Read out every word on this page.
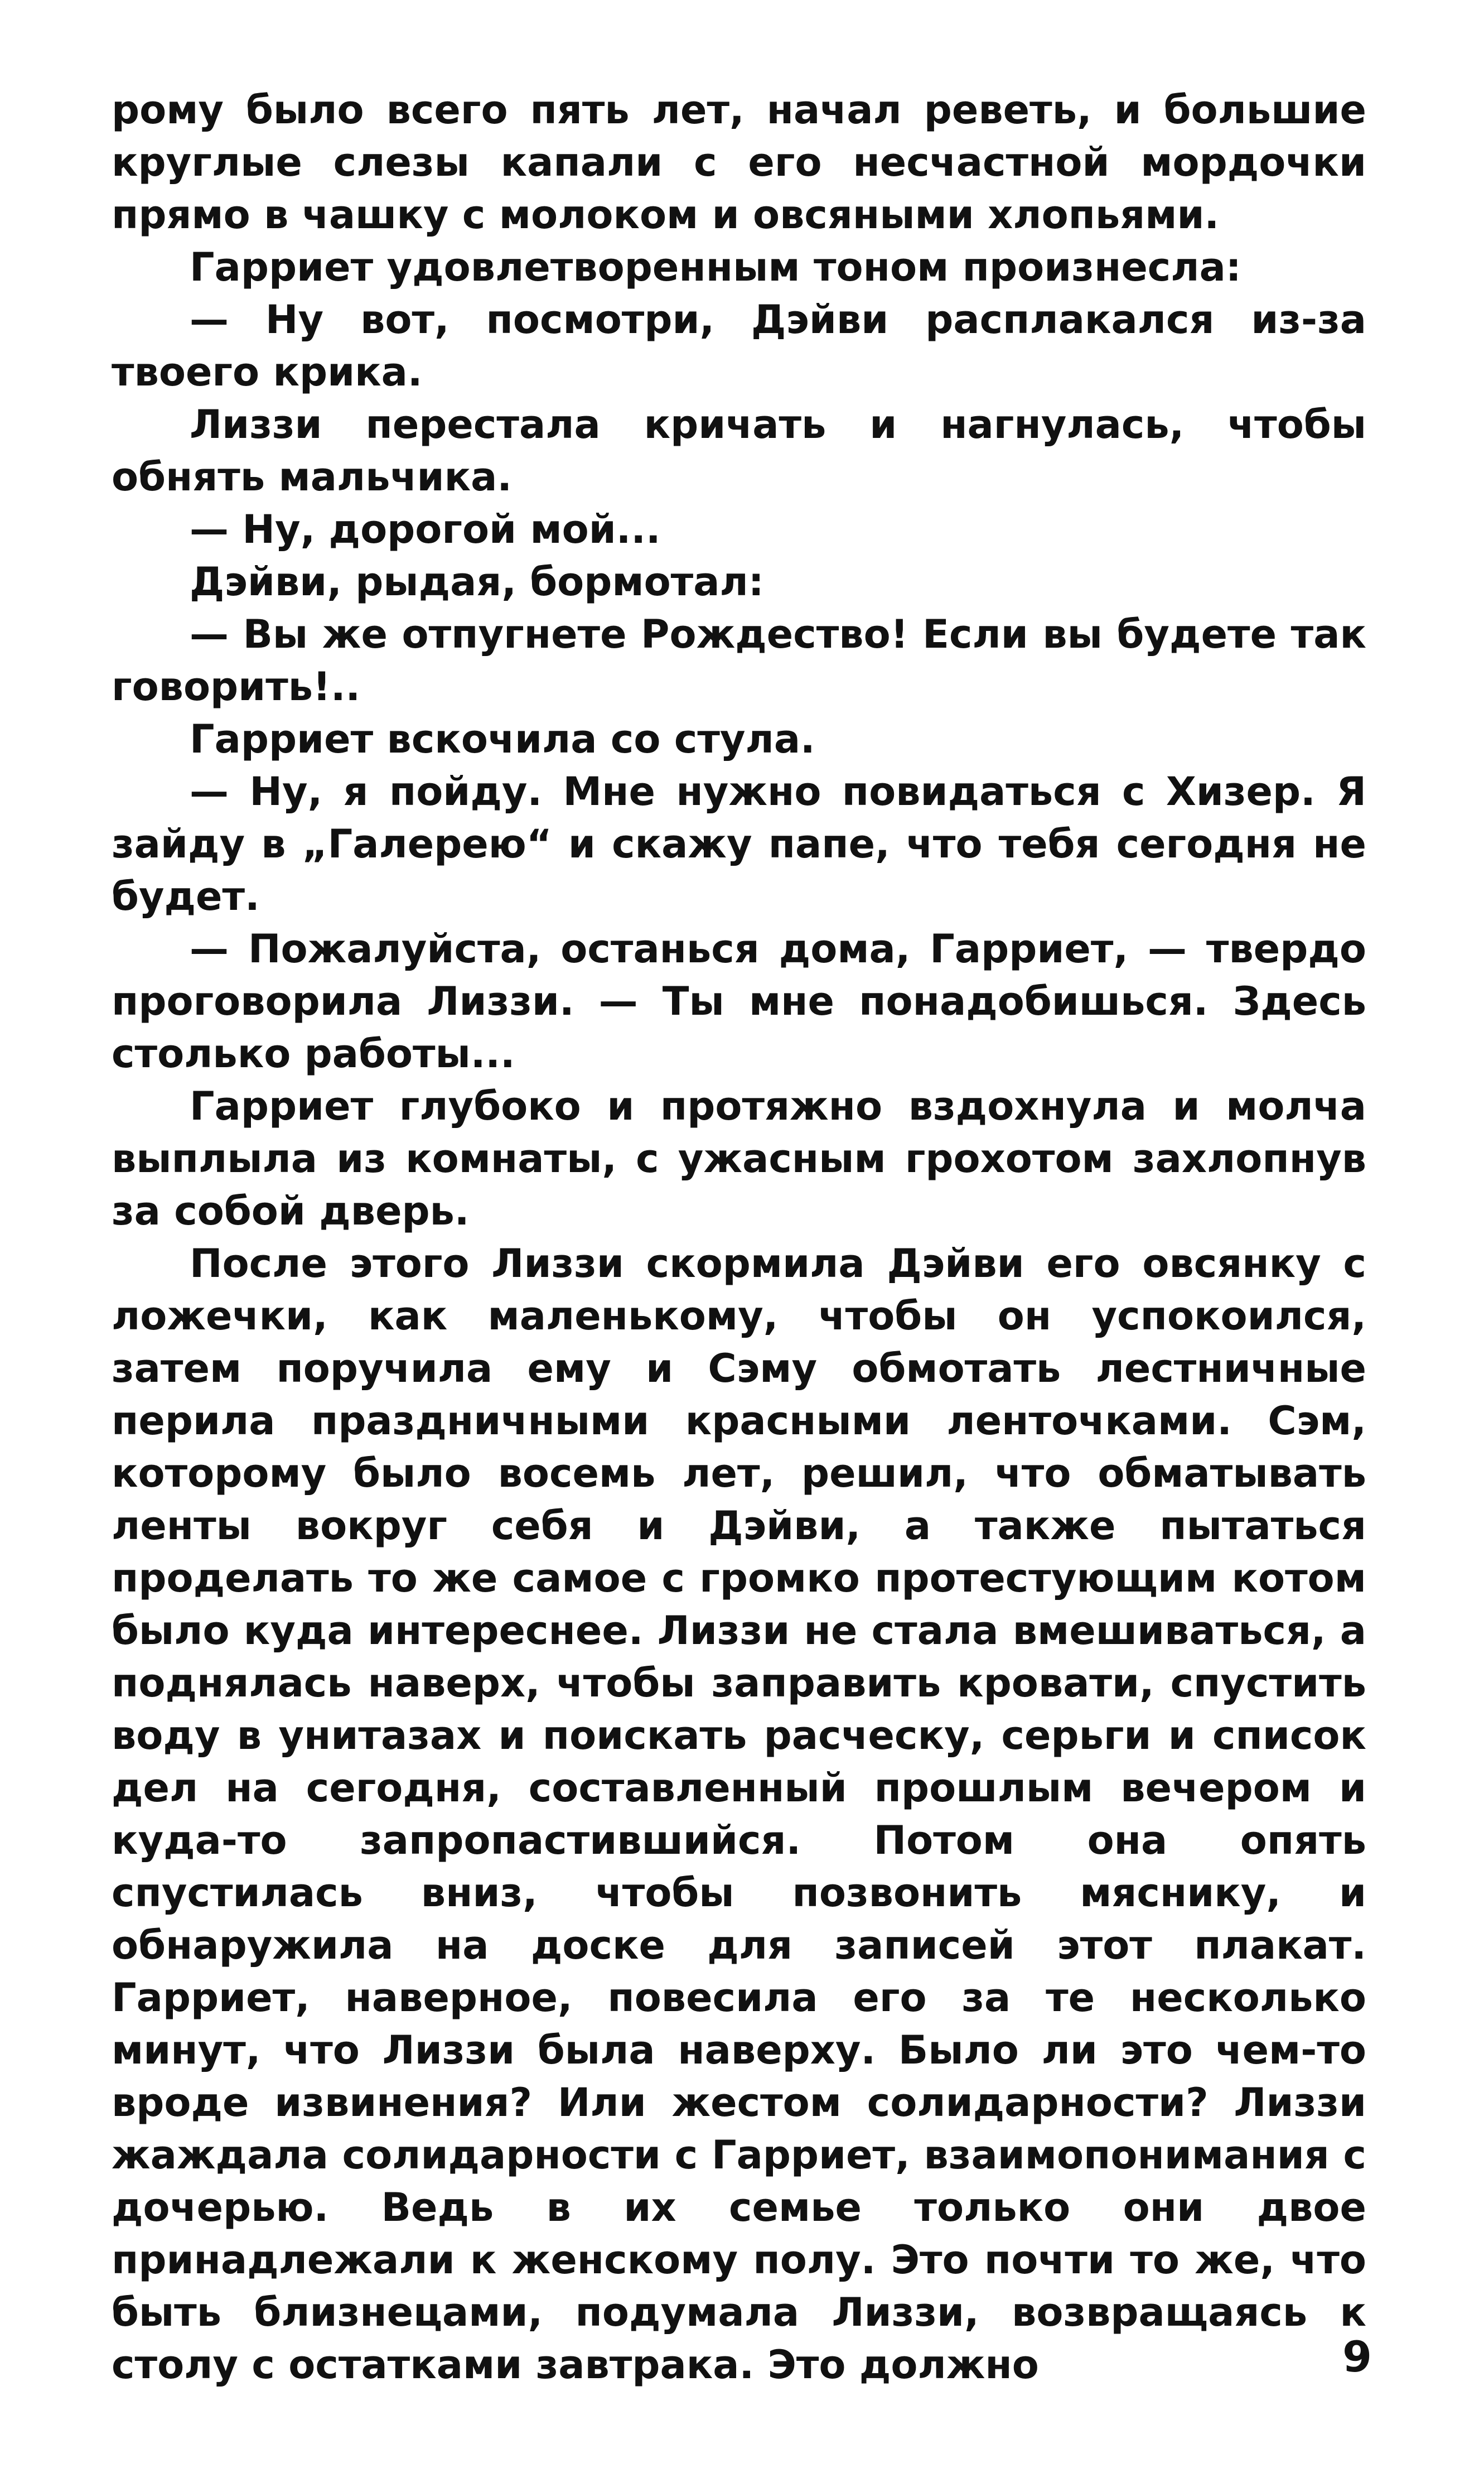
рому было всего пять лет, начал реветь, и большие круглые слезы капали с его несчастной мордочки прямо в чашку с молоком и овсяными хлопьями.

Гарриет удовлетворенным тоном произнесла:

— Ну вот, посмотри, Дэйви расплакался из-за твоего крика.

Лиззи перестала кричать и нагнулась, чтобы обнять мальчика.

— Ну, дорогой мой...

Дэйви, рыдая, бормотал:

— Вы же отпугнете Рождество! Если вы будете так говорить!..

Гарриет вскочила со стула.

— Ну, я пойду. Мне нужно повидаться с Хизер. Я зайду в „Галерею“ и скажу папе, что тебя сегодня не будет.

— Пожалуйста, останься дома, Гарриет, — твердо проговорила Лиззи. — Ты мне понадобишься. Здесь столько работы...

Гарриет глубоко и протяжно вздохнула и молча выплыла из комнаты, с ужасным грохотом захлопнув за собой дверь.

После этого Лиззи скормила Дэйви его овсянку с ложечки, как маленькому, чтобы он успокоился, затем поручила ему и Сэму обмотать лестничные перила праздничными красными ленточками. Сэм, которому было восемь лет, решил, что обматывать ленты вокруг себя и Дэйви, а также пытаться проделать то же самое с громко протестующим котом было куда интереснее. Лиззи не стала вмешиваться, а поднялась наверх, чтобы заправить кровати, спустить воду в унитазах и поискать расческу, серьги и список дел на сегодня, составленный прошлым вечером и куда-то запропастившийся. Потом она опять спустилась вниз, чтобы позвонить мяснику, и обнаружила на доске для записей этот плакат. Гарриет, наверное, повесила его за те несколько минут, что Лиззи была наверху. Было ли это чем-то вроде извинения? Или жестом солидарности? Лиззи жаждала солидарности с Гарриет, взаимопонимания с дочерью. Ведь в их семье только они двое принадлежали к женскому полу. Это почти то же, что быть близнецами, подумала Лиззи, возвращаясь к столу с остатками завтрака. Это должно	9
